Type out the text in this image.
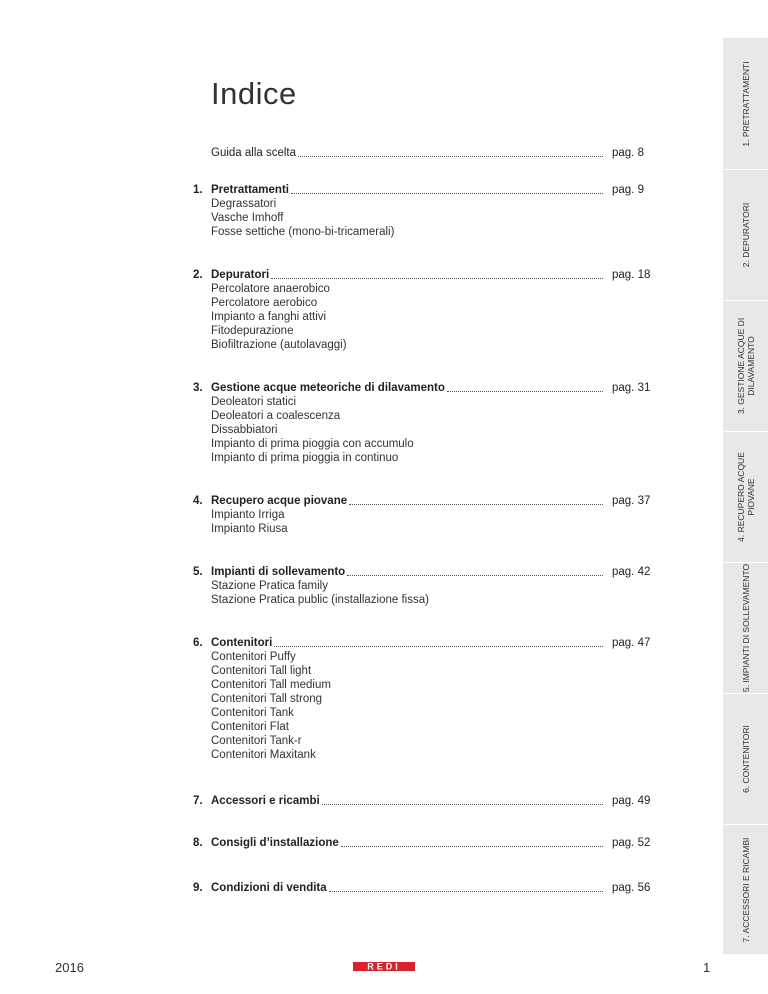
Indice
Guida alla scelta	pag. 8
1. Pretrattamenti	pag. 9
Degrassatori
Vasche Imhoff
Fosse settiche (mono-bi-tricamerali)
2. Depuratori	pag. 18
Percolatore anaerobico
Percolatore aerobico
Impianto a fanghi attivi
Fitodepurazione
Biofiltrazione (autolavaggi)
3. Gestione acque meteoriche di dilavamento	pag. 31
Deoleatori statici
Deoleatori a coalescenza
Dissabbiatori
Impianto di prima pioggia con accumulo
Impianto di prima pioggia in continuo
4. Recupero acque piovane	pag. 37
Impianto Irriga
Impianto Riusa
5. Impianti di sollevamento	pag. 42
Stazione Pratica family
Stazione Pratica public (installazione fissa)
6. Contenitori	pag. 47
Contenitori Puffy
Contenitori Tall light
Contenitori Tall medium
Contenitori Tall strong
Contenitori Tank
Contenitori Flat
Contenitori Tank-r
Contenitori Maxitank
7. Accessori e ricambi	pag. 49
8. Consigli d’installazione	pag. 52
9. Condizioni di vendita	pag. 56
1. PRETRATTAMENTI
2. DEPURATORI
3. GESTIONE ACQUE DI
DILAVAMENTO
4. RECUPERO ACQUE
PIOVANE
5. IMPIANTI DI SOLLEVAMENTO
6. CONTENITORI
7. ACCESSORI E RICAMBI
2016	REDI	1
